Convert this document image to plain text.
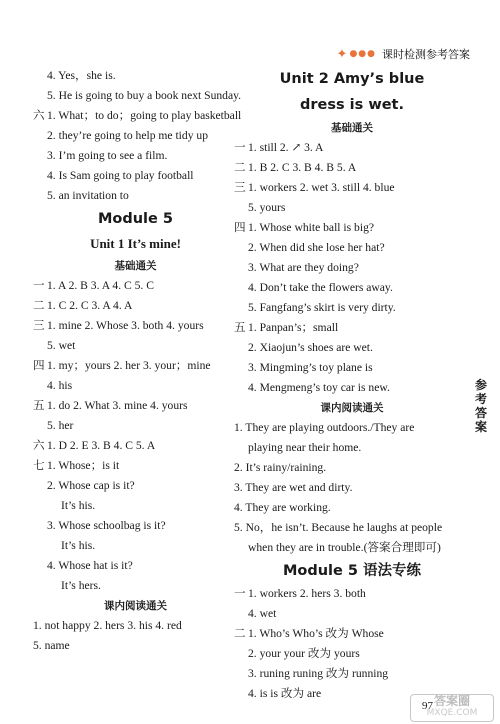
✦ ●●● 课时检测参考答案
4. Yes，she is.
5. He is going to buy a book next Sunday.
六 1. What；to do；going to play basketball
2. they’re going to help me tidy up
3. I’m going to see a film.
4. Is Sam going to play football
5. an invitation to
Module 5
Unit 1 It’s mine!
基础通关
一 1. A 2. B 3. A 4. C 5. C
二 1. C 2. C 3. A 4. A
三 1. mine 2. Whose 3. both 4. yours
5. wet
四 1. my；yours 2. her 3. your；mine
4. his
五 1. do 2. What 3. mine 4. yours
5. her
六 1. D 2. E 3. B 4. C 5. A
七 1. Whose；is it
2. Whose cap is it?
It’s his.
3. Whose schoolbag is it?
It’s his.
4. Whose hat is it?
It’s hers.
课内阅读通关
1. not happy 2. hers 3. his 4. red
5. name
Unit 2 Amy’s blue
dress is wet.
基础通关
一 1. still 2. ↗ 3. A
二 1. B 2. C 3. B 4. B 5. A
三 1. workers 2. wet 3. still 4. blue
5. yours
四 1. Whose white ball is big?
2. When did she lose her hat?
3. What are they doing?
4. Don’t take the flowers away.
5. Fangfang’s skirt is very dirty.
五 1. Panpan’s；small
2. Xiaojun’s shoes are wet.
3. Mingming’s toy plane is
4. Mengmeng’s toy car is new.
课内阅读通关
1. They are playing outdoors./They are
playing near their home.
2. It’s rainy/raining.
3. They are wet and dirty.
4. They are working.
5. No，he isn’t. Because he laughs at people
when they are in trouble.(答案合理即可)
Module 5 语法专练
一 1. workers 2. hers 3. both
4. wet
二 1. Who’s Who’s 改为 Whose
2. your your 改为 yours
3. runing runing 改为 running
4. is is 改为 are
参
考
答
案
97 答案圈
MXQE.COM
